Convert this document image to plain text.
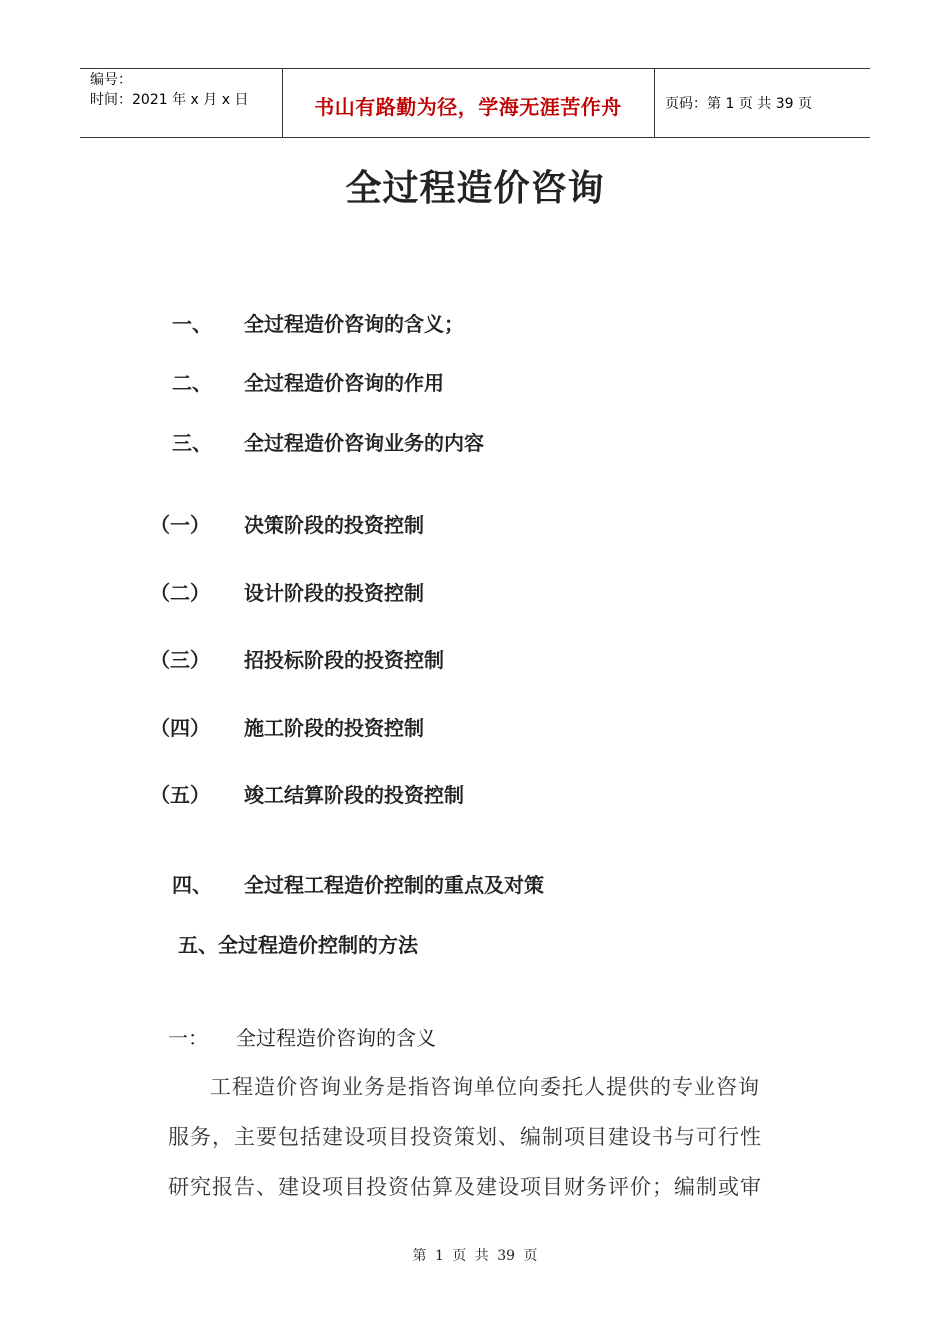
编号：
时间：2021 年 x 月 x 日	书山有路勤为径，学海无涯苦作舟	页码：第 1 页 共 39 页
全过程造价咨询
一、 全过程造价咨询的含义；
二、 全过程造价咨询的作用
三、 全过程造价咨询业务的内容
（一） 决策阶段的投资控制
（二） 设计阶段的投资控制
（三） 招投标阶段的投资控制
（四） 施工阶段的投资控制
（五） 竣工结算阶段的投资控制
四、 全过程工程造价控制的重点及对策
五、全过程造价控制的方法
一： 全过程造价咨询的含义
工程造价咨询业务是指咨询单位向委托人提供的专业咨询服务，主要包括建设项目投资策划、编制项目建设书与可行性研究报告、建设项目投资估算及建设项目财务评价；编制或审
第 1 页 共 39 页
